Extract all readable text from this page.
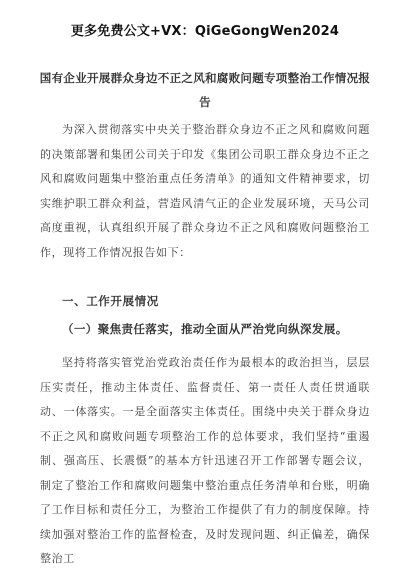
更多免费公文+VX：QiGeGongWen2024
国有企业开展群众身边不正之风和腐败问题专项整治工作情况报告

为深入贯彻落实中央关于整治群众身边不正之风和腐败问题的决策部署和集团公司关于印发《集团公司职工群众身边不正之风和腐败问题集中整治重点任务清单》的通知文件精神要求，切实维护职工群众利益，营造风清气正的企业发展环境，天马公司高度重视，认真组织开展了群众身边不正之风和腐败问题整治工作，现将工作情况报告如下：

一、工作开展情况
（一）聚焦责任落实，推动全面从严治党向纵深发展。

坚持将落实管党治党政治责任作为最根本的政治担当，层层压实责任，推动主体责任、监督责任、第一责任人责任贯通联动、一体落实。一是全面落实主体责任。围绕中央关于群众身边不正之风和腐败问题专项整治工作的总体要求，我们坚持“重遏制、强高压、长震慑”的基本方针迅速召开工作部署专题会议，制定了整治工作和腐败问题集中整治重点任务清单和台账，明确了工作目标和责任分工，为整治工作提供了有力的制度保障。持续加强对整治工作的监督检查，及时发现问题、纠正偏差，确保整治工
